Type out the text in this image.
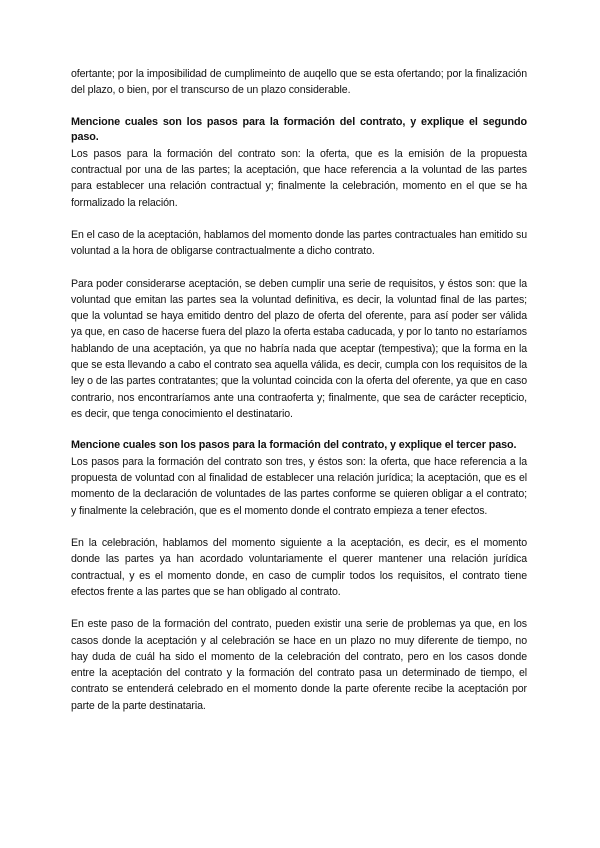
ofertante; por la imposibilidad de cumplimeinto de auqello que se esta ofertando; por la finalización del plazo, o bien, por el transcurso de un plazo considerable.

Mencione cuales son los pasos para la formación del contrato, y explique el segundo paso.

Los pasos para la formación del contrato son: la oferta, que es la emisión de la propuesta contractual por una de las partes; la aceptación, que hace referencia a la voluntad de las partes para establecer una relación contractual y; finalmente la celebración, momento en el que se ha formalizado la relación.

En el caso de la aceptación, hablamos del momento donde las partes contractuales han emitido su voluntad a la hora de obligarse contractualmente a dicho contrato.

Para poder considerarse aceptación, se deben cumplir una serie de requisitos, y éstos son: que la voluntad que emitan las partes sea la voluntad definitiva, es decir, la voluntad final de las partes; que la voluntad se haya emitido dentro del plazo de oferta del oferente, para así poder ser válida ya que, en caso de hacerse fuera del plazo la oferta estaba caducada, y por lo tanto no estaríamos hablando de una aceptación, ya que no habría nada que aceptar (tempestiva); que la forma en la que se esta llevando a cabo el contrato sea aquella válida, es decir, cumpla con los requisitos de la ley o de las partes contratantes; que la voluntad coincida con la oferta del oferente, ya que en caso contrario, nos encontraríamos ante una contraoferta y; finalmente, que sea de carácter recepticio, es decir, que tenga conocimiento el destinatario.

Mencione cuales son los pasos para la formación del contrato, y explique el tercer paso.

Los pasos para la formación del contrato son tres, y éstos son: la oferta, que hace referencia a la propuesta de voluntad con al finalidad de establecer una relación jurídica; la aceptación, que es el momento de la declaración de voluntades de las partes conforme se quieren obligar a el contrato; y finalmente la celebración, que es el momento donde el contrato empieza a tener efectos.

En la celebración, hablamos del momento siguiente a la aceptación, es decir, es el momento donde las partes ya han acordado voluntariamente el querer mantener una relación jurídica contractual, y es el momento donde, en caso de cumplir todos los requisitos, el contrato tiene efectos frente a las partes que se han obligado al contrato.

En este paso de la formación del contrato, pueden existir una serie de problemas ya que, en los casos donde la aceptación y al celebración se hace en un plazo no muy diferente de tiempo, no hay duda de cuál ha sido el momento de la celebración del contrato, pero en los casos donde entre la aceptación del contrato y la formación del contrato pasa un determinado de tiempo, el contrato se entenderá celebrado en el momento donde la parte oferente recibe la aceptación por parte de la parte destinataria.
